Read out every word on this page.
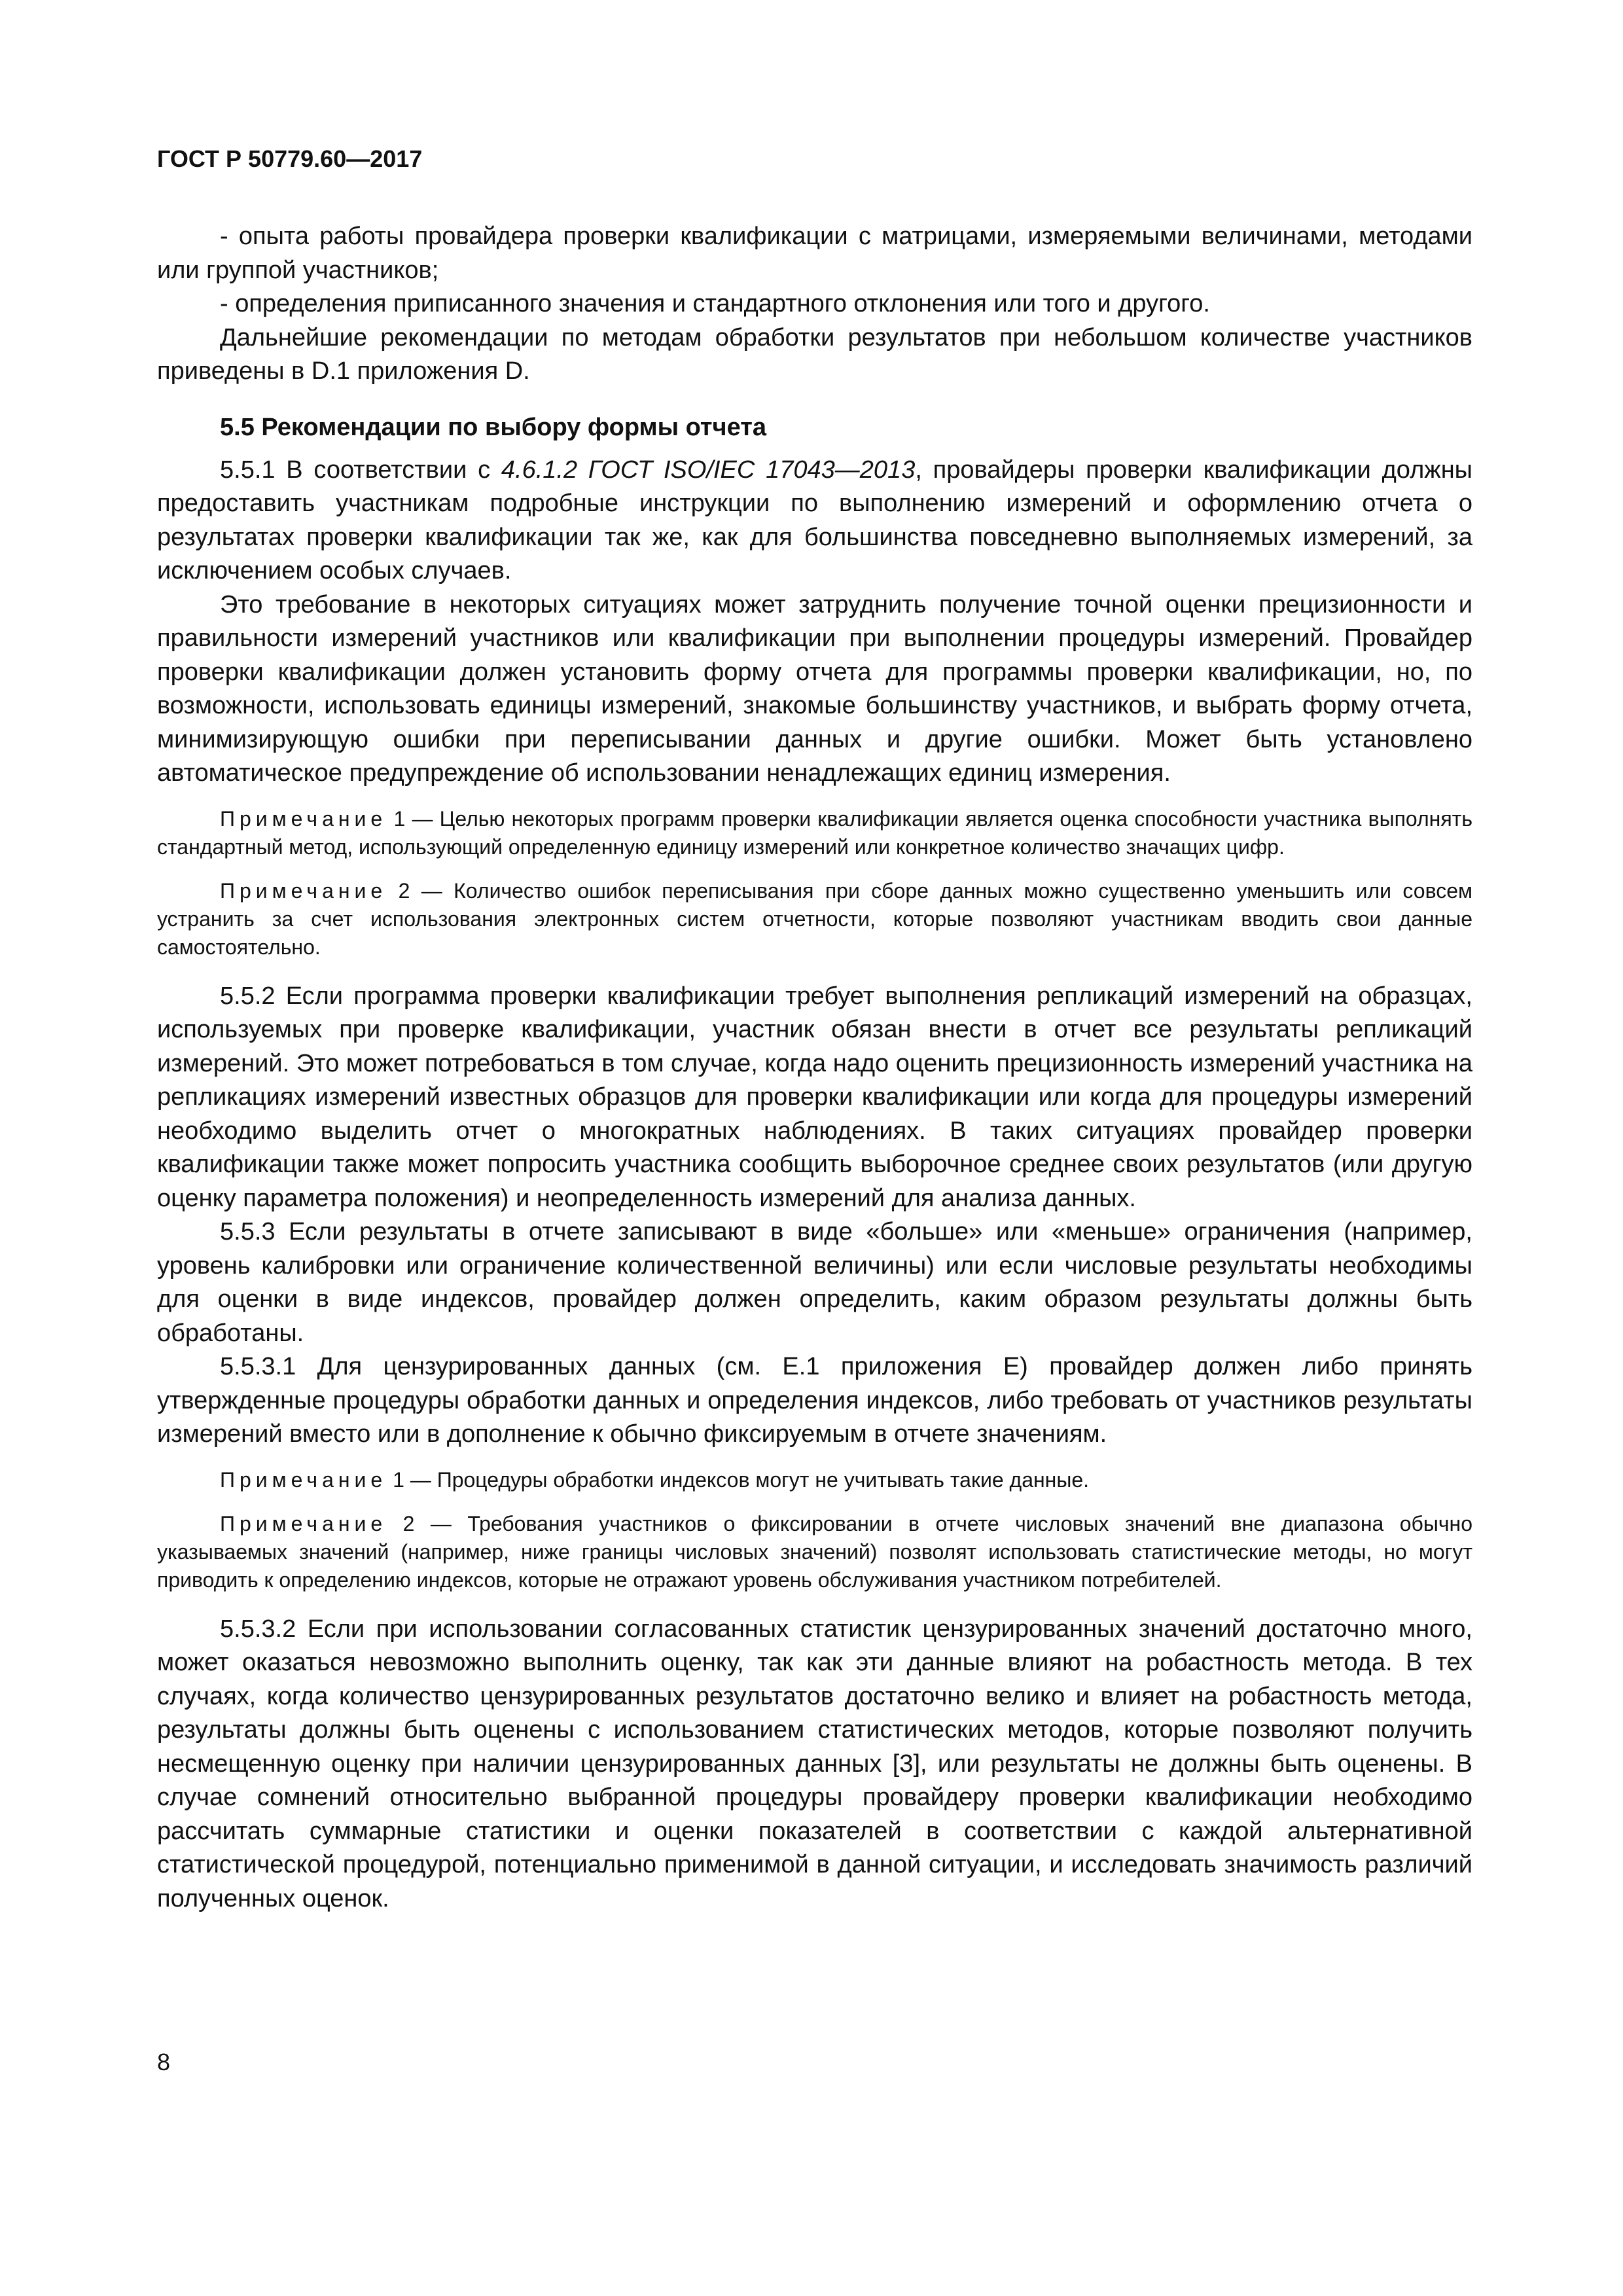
ГОСТ Р 50779.60—2017

- опыта работы провайдера проверки квалификации с матрицами, измеряемыми величинами, методами или группой участников;

- определения приписанного значения и стандартного отклонения или того и другого.

Дальнейшие рекомендации по методам обработки результатов при небольшом количестве участников приведены в D.1 приложения D.

5.5 Рекомендации по выбору формы отчета

5.5.1 В соответствии с 4.6.1.2 ГОСТ ISO/IEC 17043—2013, провайдеры проверки квалификации должны предоставить участникам подробные инструкции по выполнению измерений и оформлению отчета о результатах проверки квалификации так же, как для большинства повседневно выполняемых измерений, за исключением особых случаев.

Это требование в некоторых ситуациях может затруднить получение точной оценки прецизионности и правильности измерений участников или квалификации при выполнении процедуры измерений. Провайдер проверки квалификации должен установить форму отчета для программы проверки квалификации, но, по возможности, использовать единицы измерений, знакомые большинству участников, и выбрать форму отчета, минимизирующую ошибки при переписывании данных и другие ошибки. Может быть установлено автоматическое предупреждение об использовании ненадлежащих единиц измерения.

Примечание 1 — Целью некоторых программ проверки квалификации является оценка способности участника выполнять стандартный метод, использующий определенную единицу измерений или конкретное количество значащих цифр.
Примечание 2 — Количество ошибок переписывания при сборе данных можно существенно уменьшить или совсем устранить за счет использования электронных систем отчетности, которые позволяют участникам вводить свои данные самостоятельно.

5.5.2 Если программа проверки квалификации требует выполнения репликаций измерений на образцах, используемых при проверке квалификации, участник обязан внести в отчет все результаты репликаций измерений. Это может потребоваться в том случае, когда надо оценить прецизионность измерений участника на репликациях измерений известных образцов для проверки квалификации или когда для процедуры измерений необходимо выделить отчет о многократных наблюдениях. В таких ситуациях провайдер проверки квалификации также может попросить участника сообщить выборочное среднее своих результатов (или другую оценку параметра положения) и неопределенность измерений для анализа данных.

5.5.3 Если результаты в отчете записывают в виде «больше» или «меньше» ограничения (например, уровень калибровки или ограничение количественной величины) или если числовые результаты необходимы для оценки в виде индексов, провайдер должен определить, каким образом результаты должны быть обработаны.

5.5.3.1 Для цензурированных данных (см. E.1 приложения E) провайдер должен либо принять утвержденные процедуры обработки данных и определения индексов, либо требовать от участников результаты измерений вместо или в дополнение к обычно фиксируемым в отчете значениям.

Примечание 1 — Процедуры обработки индексов могут не учитывать такие данные.
Примечание 2 — Требования участников о фиксировании в отчете числовых значений вне диапазона обычно указываемых значений (например, ниже границы числовых значений) позволят использовать статистические методы, но могут приводить к определению индексов, которые не отражают уровень обслуживания участником потребителей.

5.5.3.2 Если при использовании согласованных статистик цензурированных значений достаточно много, может оказаться невозможно выполнить оценку, так как эти данные влияют на робастность метода. В тех случаях, когда количество цензурированных результатов достаточно велико и влияет на робастность метода, результаты должны быть оценены с использованием статистических методов, которые позволяют получить несмещенную оценку при наличии цензурированных данных [3], или результаты не должны быть оценены. В случае сомнений относительно выбранной процедуры провайдеру проверки квалификации необходимо рассчитать суммарные статистики и оценки показателей в соответствии с каждой альтернативной статистической процедурой, потенциально применимой в данной ситуации, и исследовать значимость различий полученных оценок.

8
